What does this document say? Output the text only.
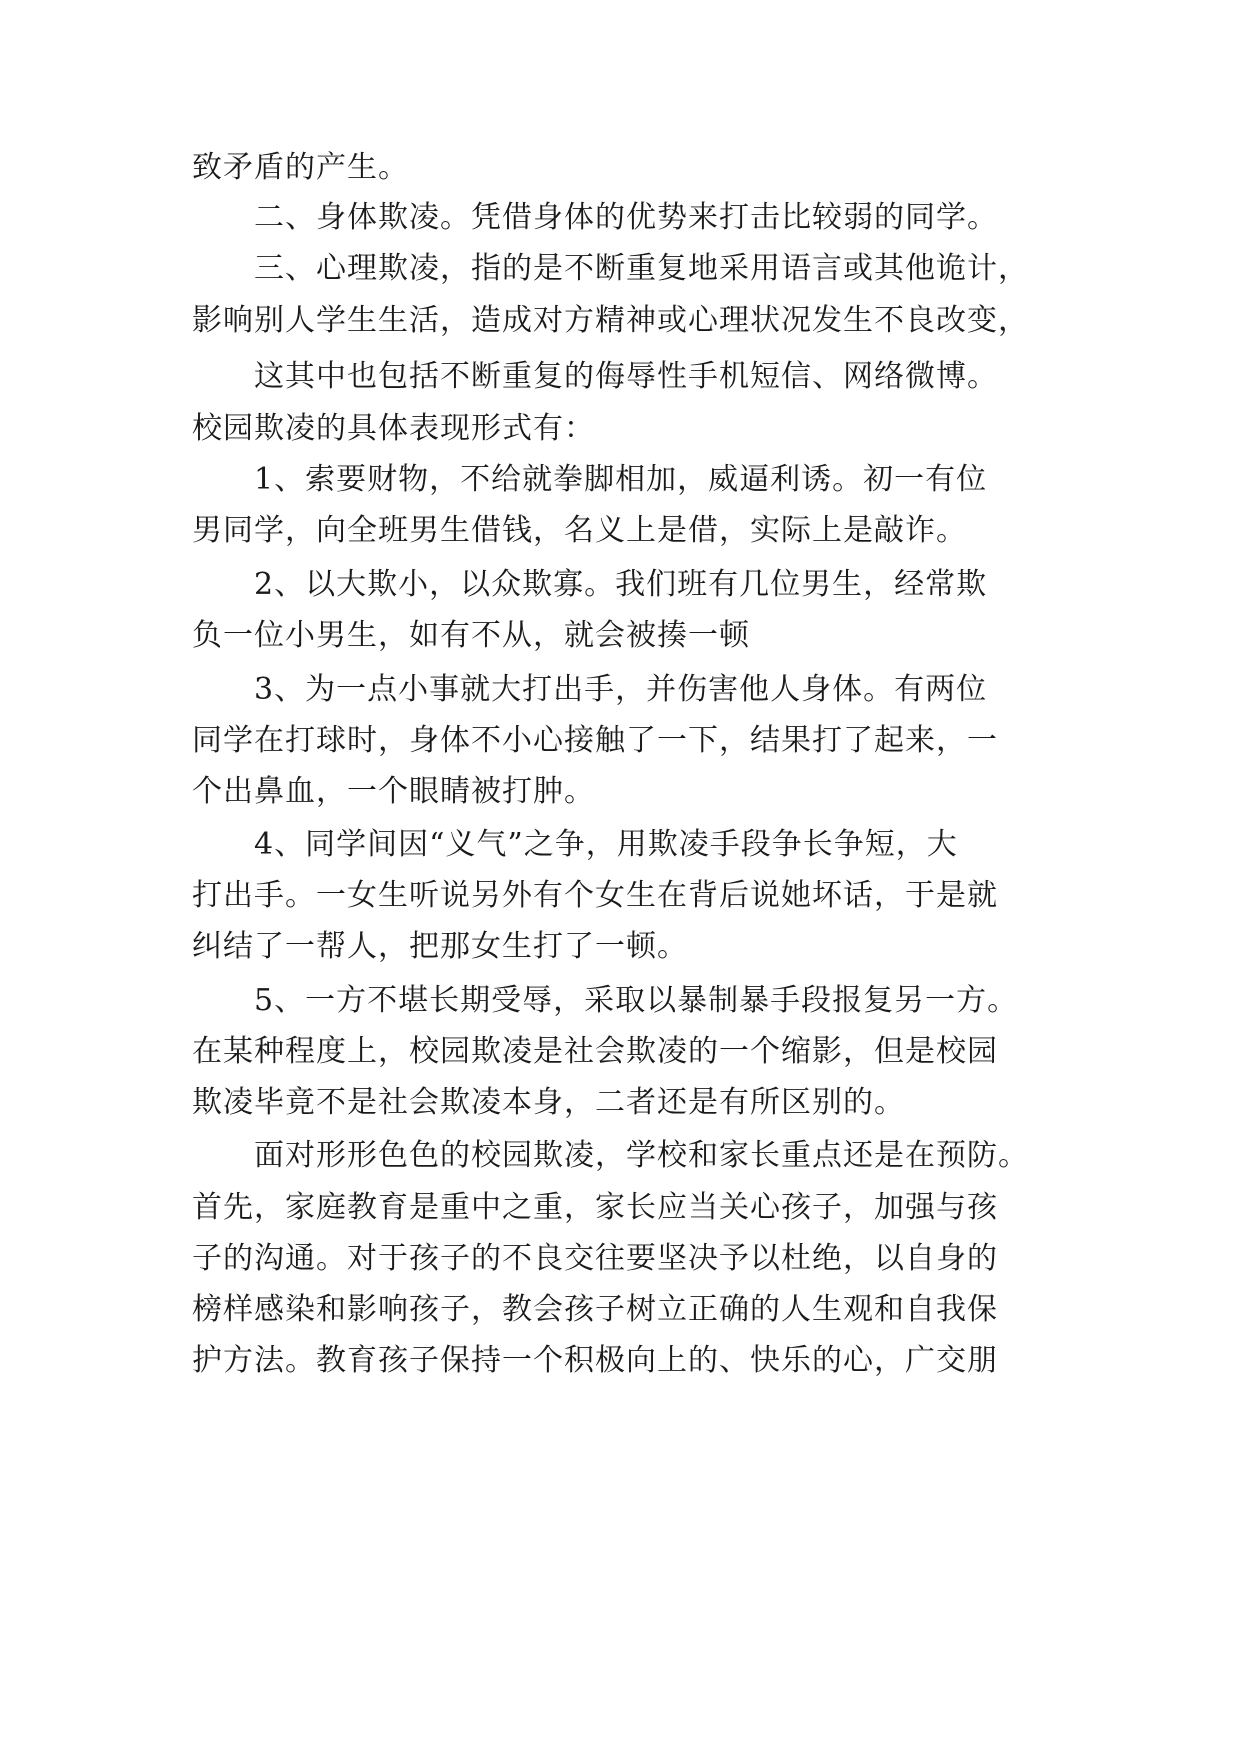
致矛盾的产生。
二、身体欺凌。凭借身体的优势来打击比较弱的同学。
三、心理欺凌，指的是不断重复地采用语言或其他诡计，
影响别人学生生活，造成对方精神或心理状况发生不良改变，
这其中也包括不断重复的侮辱性手机短信、网络微博。
校园欺凌的具体表现形式有：
1、索要财物，不给就拳脚相加，威逼利诱。初一有位
男同学，向全班男生借钱，名义上是借，实际上是敲诈。
2、以大欺小，以众欺寡。我们班有几位男生，经常欺
负一位小男生，如有不从，就会被揍一顿
3、为一点小事就大打出手，并伤害他人身体。有两位
同学在打球时，身体不小心接触了一下，结果打了起来，一
个出鼻血，一个眼睛被打肿。
4、同学间因“义气”之争，用欺凌手段争长争短，大
打出手。一女生听说另外有个女生在背后说她坏话，于是就
纠结了一帮人，把那女生打了一顿。
5、一方不堪长期受辱，采取以暴制暴手段报复另一方。
在某种程度上，校园欺凌是社会欺凌的一个缩影，但是校园
欺凌毕竟不是社会欺凌本身，二者还是有所区别的。
面对形形色色的校园欺凌，学校和家长重点还是在预防。
首先，家庭教育是重中之重，家长应当关心孩子，加强与孩
子的沟通。对于孩子的不良交往要坚决予以杜绝，以自身的
榜样感染和影响孩子，教会孩子树立正确的人生观和自我保
护方法。教育孩子保持一个积极向上的、快乐的心，广交朋
